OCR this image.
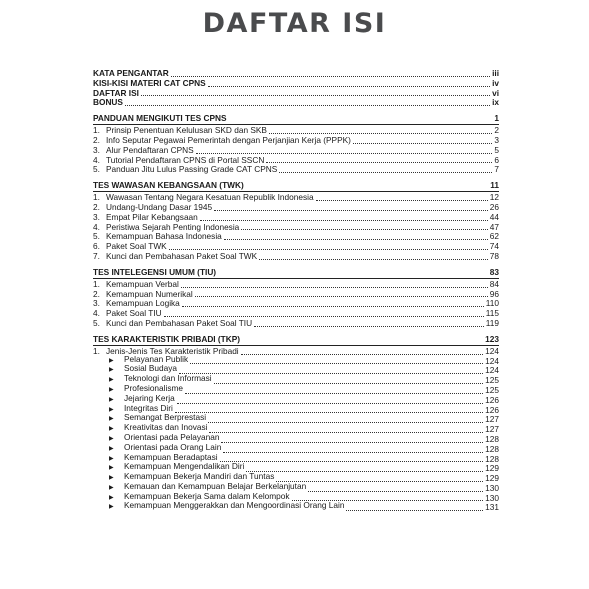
DAFTAR ISI
KATA PENGANTAR	iii
KISI-KISI MATERI CAT CPNS	iv
DAFTAR ISI	vi
BONUS	ix
PANDUAN MENGIKUTI TES CPNS	1
1. Prinsip Penentuan Kelulusan SKD dan SKB	2
2. Info Seputar Pegawai Pemerintah dengan Perjanjian Kerja (PPPK)	3
3. Alur Pendaftaran CPNS	5
4. Tutorial Pendaftaran CPNS di Portal SSCN	6
5. Panduan Jitu Lulus Passing Grade CAT CPNS	7
TES WAWASAN KEBANGSAAN (TWK)	11
1. Wawasan Tentang Negara Kesatuan Republik Indonesia	12
2. Undang-Undang Dasar 1945	26
3. Empat Pilar Kebangsaan	44
4. Peristiwa Sejarah Penting Indonesia	47
5. Kemampuan Bahasa Indonesia	62
6. Paket Soal TWK	74
7. Kunci dan Pembahasan Paket Soal TWK	78
TES INTELEGENSI UMUM (TIU)	83
1. Kemampuan Verbal	84
2. Kemampuan Numerikal	96
3. Kemampuan Logika	110
4. Paket Soal TIU	115
5. Kunci dan Pembahasan Paket Soal TIU	119
TES KARAKTERISTIK PRIBADI (TKP)	123
1. Jenis-Jenis Tes Karakteristik Pribadi	124
▶ Pelayanan Publik	124
▶ Sosial Budaya	124
▶ Teknologi dan Informasi	125
▶ Profesionalisme	125
▶ Jejaring Kerja	126
▶ Integritas Diri	126
▶ Semangat Berprestasi	127
▶ Kreativitas dan Inovasi	127
▶ Orientasi pada Pelayanan	128
▶ Orientasi pada Orang Lain	128
▶ Kemampuan Beradaptasi	128
▶ Kemampuan Mengendalikan Diri	129
▶ Kemampuan Bekerja Mandiri dan Tuntas	129
▶ Kemauan dan Kemampuan Belajar Berkelanjutan	130
▶ Kemampuan Bekerja Sama dalam Kelompok	130
▶ Kemampuan Menggerakkan dan Mengoordinasi Orang Lain	131
